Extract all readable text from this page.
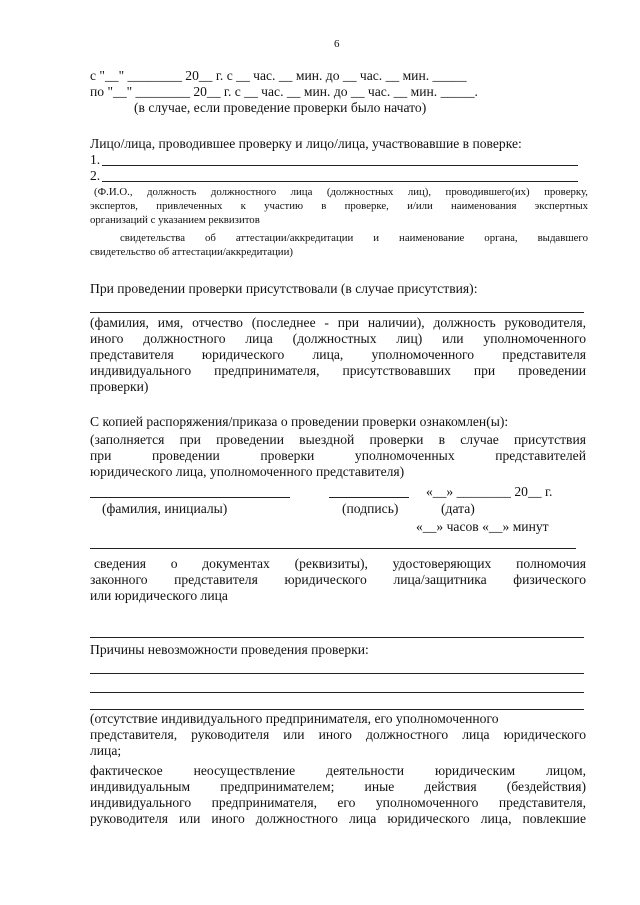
6
с "__" ________ 20__ г. с __ час. __ мин. до __ час. __ мин. _____
по "__" ________ 20__ г. с __ час. __ мин. до __ час. __ мин. _____.
(в случае, если проведение проверки было начато)
Лицо/лица, проводившее проверку и лицо/лица, участвовавшие в поверке:
1.
2.
(Ф.И.О., должность должностного лица (должностных лиц), проводившего(их) проверку,
экспертов, привлеченных к участию в проверке, и/или наименования экспертных
организаций с указанием реквизитов
свидетельства об аттестации/аккредитации и наименование органа, выдавшего
свидетельство об аттестации/аккредитации)
При проведении проверки присутствовали (в случае присутствия):
(фамилия, имя, отчество (последнее - при наличии), должность руководителя,
иного должностного лица (должностных лиц) или уполномоченного
представителя юридического лица, уполномоченного представителя
индивидуального предпринимателя, присутствовавших при проведении
проверки)
С копией распоряжения/приказа о проведении проверки ознакомлен(ы):
(заполняется при проведении выездной проверки в случае присутствия
при проведении проверки уполномоченных представителей
юридического лица, уполномоченного представителя)
«__» ________ 20__ г.
(фамилия, инициалы)	(подпись)	(дата)
«__» часов «__» минут
сведения о документах (реквизиты), удостоверяющих полномочия
законного представителя юридического лица/защитника физического
или юридического лица
Причины невозможности проведения проверки:
(отсутствие индивидуального предпринимателя, его уполномоченного
представителя, руководителя или иного должностного лица юридического
лица;
фактическое неосуществление деятельности юридическим лицом,
индивидуальным предпринимателем; иные действия (бездействия)
индивидуального предпринимателя, его уполномоченного представителя,
руководителя или иного должностного лица юридического лица, повлекшие
